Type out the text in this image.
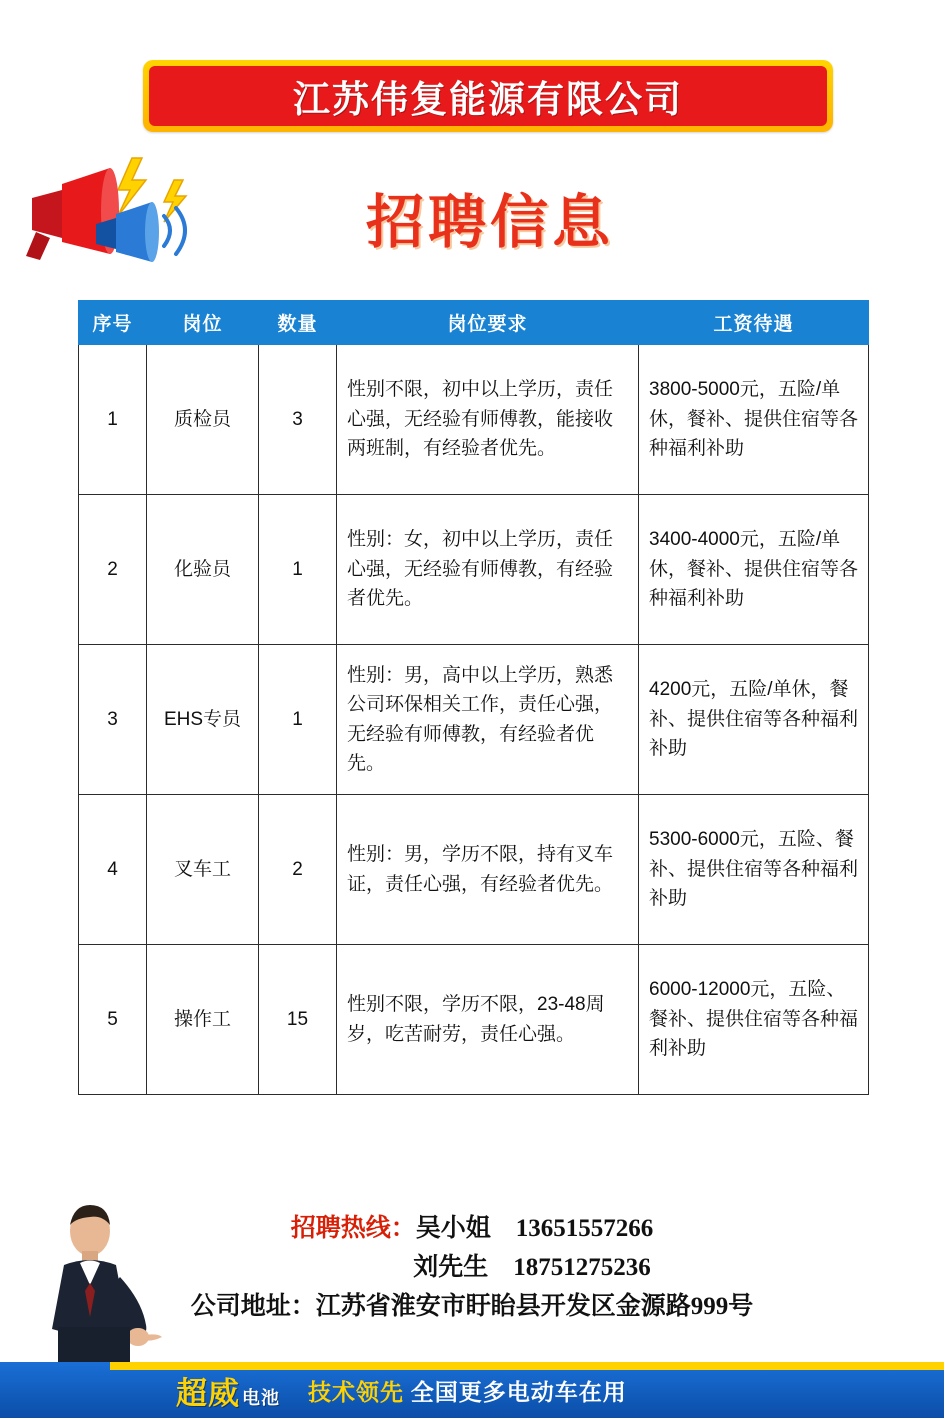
江苏伟复能源有限公司
招聘信息
序号	岗位	数量	岗位要求	工资待遇
1	质检员	3	性别不限，初中以上学历，责任心强，无经验有师傅教，能接收两班制，有经验者优先。	3800-5000元，五险/单休，餐补、提供住宿等各种福利补助
2	化验员	1	性别：女，初中以上学历，责任心强，无经验有师傅教，有经验者优先。	3400-4000元，五险/单休，餐补、提供住宿等各种福利补助
3	EHS专员	1	性别：男，高中以上学历，熟悉公司环保相关工作，责任心强，无经验有师傅教，有经验者优先。	4200元，五险/单休，餐补、提供住宿等各种福利补助
4	叉车工	2	性别：男，学历不限，持有叉车证，责任心强，有经验者优先。	5300-6000元，五险、餐补、提供住宿等各种福利补助
5	操作工	15	性别不限，学历不限，23-48周岁，吃苦耐劳，责任心强。	6000-12000元，五险、餐补、提供住宿等各种福利补助
招聘热线：吴小姐　13651557266
刘先生　18751275236
公司地址：江苏省淮安市盱眙县开发区金源路999号
超威 电池 技术领先 全国更多电动车在用
